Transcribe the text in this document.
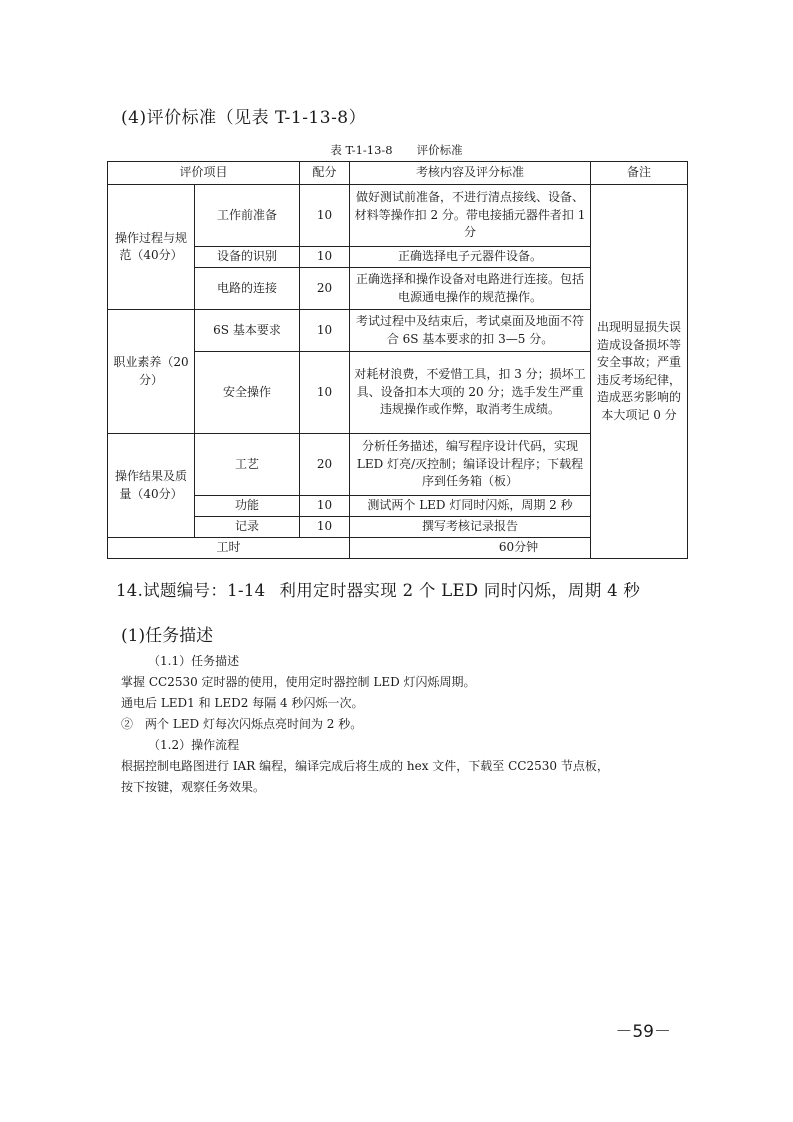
(4)评价标准（见表 T-1-13-8）
表 T-1-13-8 评价标准
评价项目		配分	考核内容及评分标准	备注
操作过程与规范（40分）	工作前准备	10	做好测试前准备，不进行清点接线、设备、材料等操作扣 2 分。带电接插元器件者扣 1 分	出现明显损失误造成设备损坏等安全事故；严重违反考场纪律，造成恶劣影响的本大项记 0 分
	设备的识别	10	正确选择电子元器件设备。	
	电路的连接	20	正确选择和操作设备对电路进行连接。包括电源通电操作的规范操作。	
职业素养（20分）	6S 基本要求	10	考试过程中及结束后，考试桌面及地面不符合 6S 基本要求的扣 3—5 分。	
	安全操作	10	对耗材浪费，不爱惜工具，扣 3 分；损坏工具、设备扣本大项的 20 分；选手发生严重违规操作或作弊，取消考生成绩。	
操作结果及质量（40分）	工艺	20	分析任务描述，编写程序设计代码，实现 LED 灯亮/灭控制；编译设计程序；下载程序到任务箱（板）	
	功能	10	测试两个 LED 灯同时闪烁，周期 2 秒	
	记录	10	撰写考核记录报告	
工时			60分钟	
14.试题编号：1-14 利用定时器实现 2 个 LED 同时闪烁，周期 4 秒
(1)任务描述

（1.1）任务描述

掌握 CC2530 定时器的使用，使用定时器控制 LED 灯闪烁周期。

通电后 LED1 和 LED2 每隔 4 秒闪烁一次。

②　两个 LED 灯每次闪烁点亮时间为 2 秒。

（1.2）操作流程

根据控制电路图进行 IAR 编程，编译完成后将生成的 hex 文件，下载至 CC2530 节点板，

按下按键，观察任务效果。

－59－
